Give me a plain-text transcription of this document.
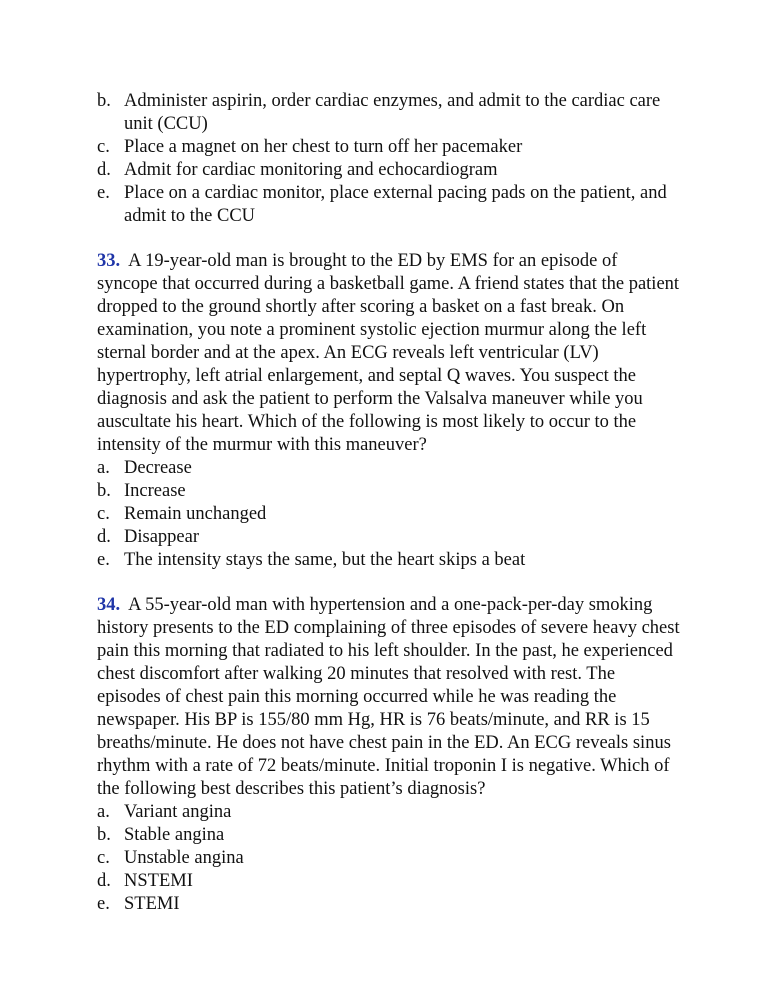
b. Administer aspirin, order cardiac enzymes, and admit to the cardiac care unit (CCU)
c. Place a magnet on her chest to turn off her pacemaker
d. Admit for cardiac monitoring and echocardiogram
e. Place on a cardiac monitor, place external pacing pads on the patient, and admit to the CCU

33. A 19-year-old man is brought to the ED by EMS for an episode of syncope that occurred during a basketball game. A friend states that the patient dropped to the ground shortly after scoring a basket on a fast break. On examination, you note a prominent systolic ejection murmur along the left sternal border and at the apex. An ECG reveals left ventricular (LV) hypertrophy, left atrial enlargement, and septal Q waves. You suspect the diagnosis and ask the patient to perform the Valsalva maneuver while you auscultate his heart. Which of the following is most likely to occur to the intensity of the murmur with this maneuver?

a. Decrease
b. Increase
c. Remain unchanged
d. Disappear
e. The intensity stays the same, but the heart skips a beat

34. A 55-year-old man with hypertension and a one-pack-per-day smoking history presents to the ED complaining of three episodes of severe heavy chest pain this morning that radiated to his left shoulder. In the past, he experienced chest discomfort after walking 20 minutes that resolved with rest. The episodes of chest pain this morning occurred while he was reading the newspaper. His BP is 155/80 mm Hg, HR is 76 beats/minute, and RR is 15 breaths/minute. He does not have chest pain in the ED. An ECG reveals sinus rhythm with a rate of 72 beats/minute. Initial troponin I is negative. Which of the following best describes this patient’s diagnosis?

a. Variant angina
b. Stable angina
c. Unstable angina
d. NSTEMI
e. STEMI
